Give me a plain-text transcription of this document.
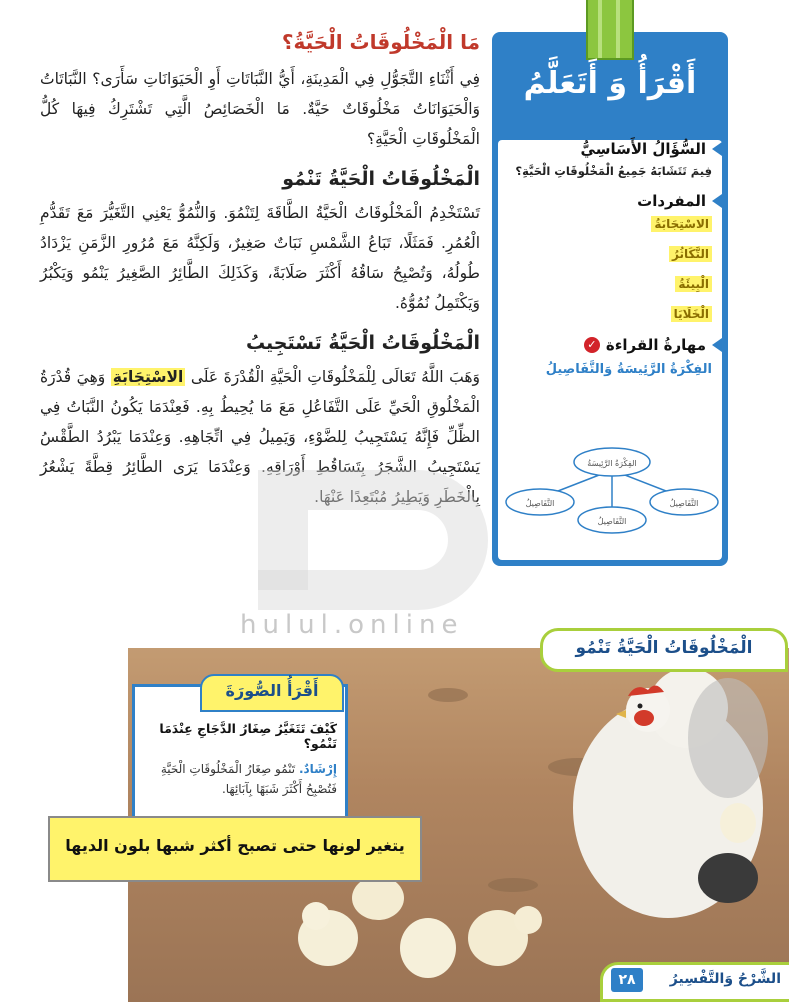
مَا الْمَخْلُوقَاتُ الْحَيَّةُ؟

فِي أَثْنَاءِ التَّجَوُّلِ فِي الْمَدِينَةِ، أَيُّ النَّبَاتَاتِ أَوِ الْحَيَوَانَاتِ سَأَرَى؟ النَّبَاتَاتُ وَالْحَيَوَانَاتُ مَخْلُوقَاتٌ حَيَّةٌ. مَا الْخَصَائِصُ الَّتِي تَشْتَرِكُ فِيهَا كُلُّ الْمَخْلُوقَاتِ الْحَيَّةِ؟

الْمَخْلُوقَاتُ الْحَيَّةُ تَنْمُو

تَسْتَخْدِمُ الْمَخْلُوقَاتُ الْحَيَّةُ الطَّاقَةَ لِتَنْمُوَ. وَالنُّمُوُّ يَعْنِي التَّغَيُّرَ مَعَ تَقَدُّمِ الْعُمُرِ. فَمَثَلًا، تَبَاعُ الشَّمْسِ نَبَاتٌ صَغِيرٌ، وَلَكِنَّهُ مَعَ مُرُورِ الزَّمَنِ يَزْدَادُ طُولُهُ، وَتُصْبِحُ سَاقُهُ أَكْثَرَ صَلَابَةً، وَكَذَلِكَ الطَّائِرُ الصَّغِيرُ يَنْمُو وَيَكْبُرُ وَيَكْتَمِلُ نُمُوُّهُ.

الْمَخْلُوقَاتُ الْحَيَّةُ تَسْتَجِيبُ

وَهَبَ اللَّهُ تَعَالَى لِلْمَخْلُوقَاتِ الْحَيَّةِ الْقُدْرَةَ عَلَى الاسْتِجَابَةِ وَهِيَ قُدْرَةُ الْمَخْلُوقِ الْحَيِّ عَلَى التَّفَاعُلِ مَعَ مَا يُحِيطُ بِهِ. فَعِنْدَمَا يَكُونُ النَّبَاتُ فِي الظِّلِّ فَإِنَّهُ يَسْتَجِيبُ لِلضَّوْءِ، وَيَمِيلُ فِي اتِّجَاهِهِ. وَعِنْدَمَا يَبْرُدُ الطَّقْسُ يَسْتَجِيبُ الشَّجَرُ بِتَسَاقُطِ أَوْرَاقِهِ. وَعِنْدَمَا يَرَى الطَّائِرُ قِطَّةً يَشْعُرُ بِالْخَطَرِ وَيَطِيرُ مُبْتَعِدًا عَنْهَا.

أَقْرَأُ وَ أَتَعَلَّمُ
السُّؤَالُ الأَسَاسِيُّ
فِيمَ تَتَشَابَهُ جَمِيعُ الْمَخْلُوقَاتِ الْحَيَّةِ؟
المفردات
الاسْتِجَابَةُ
التَّكَاثُرُ
الْبِيئَةُ
الْخَلَايَا
مهارةُ القراءة
✓
الفِكْرَةُ الرَّئِيسَةُ وَالتَّفَاصِيلُ
الفِكْرَةُ الرَّئِيسَةُ
التَّفَاصِيلُ
التَّفَاصِيلُ
التَّفَاصِيلُ
hulul.online
الْمَخْلُوقَاتُ الْحَيَّةُ تَنْمُو
كَيْفَ تَتَغَيَّرُ صِغَارُ الدَّجَاجِ عِنْدَمَا تَنْمُو؟
إِرْشَادٌ. تَنْمُو صِغَارُ الْمَخْلُوقَاتِ الْحَيَّةِ فَتُصْبِحُ أَكْثَرَ شَبَهًا بِآبَائِهَا.
أَقْرَأُ الصُّورَةَ
يتغير لونها حتى تصبح أكثر شبها بلون الديها
الشَّرْحُ وَالتَّفْسِيرُ
٢٨
